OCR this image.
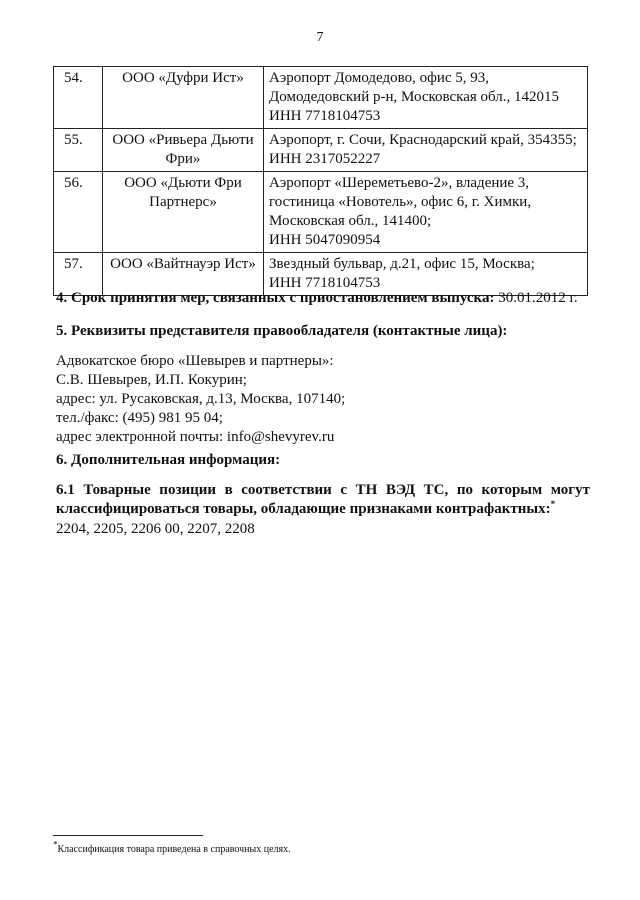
7
54.	ООО «Дуфри Ист»	Аэропорт Домодедово, офис 5, 93,
Домодедовский р-н, Московская обл., 142015
ИНН 7718104753

55.	ООО «Ривьера Дьюти
Фри»	Аэропорт, г. Сочи, Краснодарский край, 354355;
ИНН 2317052227

56.	ООО «Дьюти Фри
Партнерс»	Аэропорт «Шереметьево-2», владение 3,
гостиница «Новотель», офис 6, г. Химки,
Московская обл., 141400;
ИНН 5047090954

57.	ООО «Вайтнауэр Ист»	Звездный бульвар, д.21, офис 15, Москва;
ИНН 7718104753
4. Срок принятия мер, связанных с приостановлением выпуска: 30.01.2012 г.
5. Реквизиты представителя правообладателя (контактные лица):
Адвокатское бюро «Шевырев и партнеры»:
С.В. Шевырев, И.П. Кокурин;
адрес: ул. Русаковская, д.13, Москва, 107140;
тел./факс: (495) 981 95 04;
адрес электронной почты: info@shevyrev.ru
6. Дополнительная информация:
6.1 Товарные позиции в соответствии с ТН ВЭД ТС, по которым могут
классифицироваться товары, обладающие признаками контрафактных:*
2204, 2205, 2206 00, 2207, 2208
*Классификация товара приведена в справочных целях.
